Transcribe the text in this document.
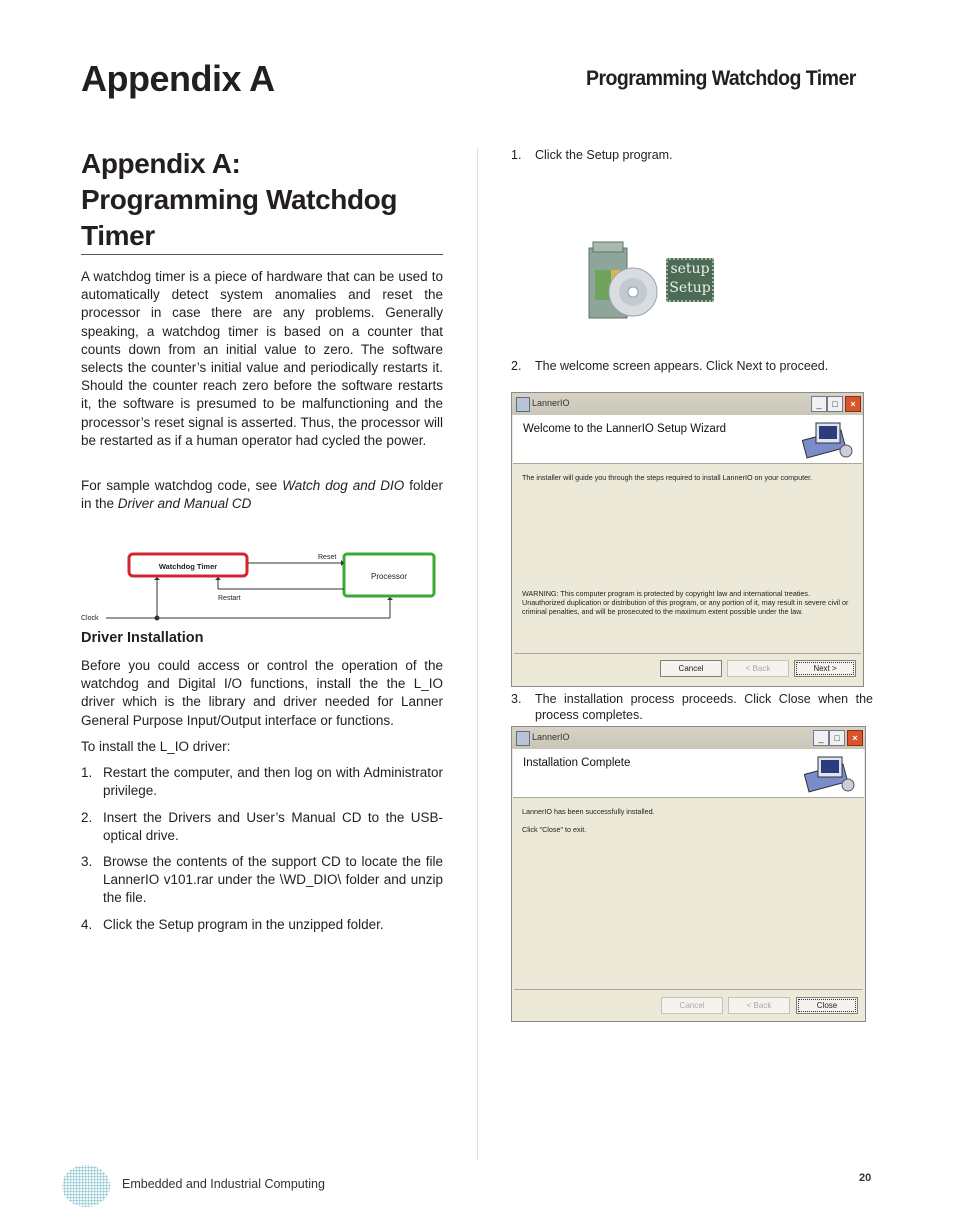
Appendix A	Programming Watchdog Timer
Appendix A:
Programming Watchdog
Timer
A watchdog timer is a piece of hardware that can be used to automatically detect system anomalies and reset the processor in case there are any problems. Generally speaking, a watchdog timer is based on a counter that counts down from an initial value to zero. The software selects the counter’s initial value and periodically restarts it. Should the counter reach zero before the software restarts it, the software is presumed to be malfunctioning and the processor’s reset signal is asserted. Thus, the processor will be restarted as if a human operator had cycled the power.
For sample watchdog code, see Watch dog and DIO folder in the Driver and Manual CD
Watchdog Timer
Processor
Reset
Restart
Clock
Driver Installation
Before you could access or control the operation of the watchdog and Digital I/O functions, install the the L_IO driver which is the library and driver needed for Lanner General Purpose Input/Output interface or functions.
To install the L_IO driver:
1. Restart the computer, and then log on with Administrator privilege.
2. Insert the Drivers and User’s Manual CD to the USB-optical drive.
3. Browse the contents of the support CD to locate the file LannerIO v101.rar under the \WD_DIO\ folder and unzip the file.
4. Click the Setup program in the unzipped folder.
1. Click the Setup program.
setup
Setup
2. The welcome screen appears. Click Next to proceed.
LannerIO	_	□	×
Welcome to the LannerIO Setup Wizard
The installer will guide you through the steps required to install LannerIO on your computer.
WARNING: This computer program is protected by copyright law and international treaties. Unauthorized duplication or distribution of this program, or any portion of it, may result in severe civil or criminal penalties, and will be prosecuted to the maximum extent possible under the law.
Cancel	< Back	Next >
3. The installation process proceeds. Click Close when the process completes.
LannerIO	_	□	×
Installation Complete
LannerIO has been successfully installed.
Click "Close" to exit.
Cancel	< Back	Close
Embedded and Industrial Computing	20
